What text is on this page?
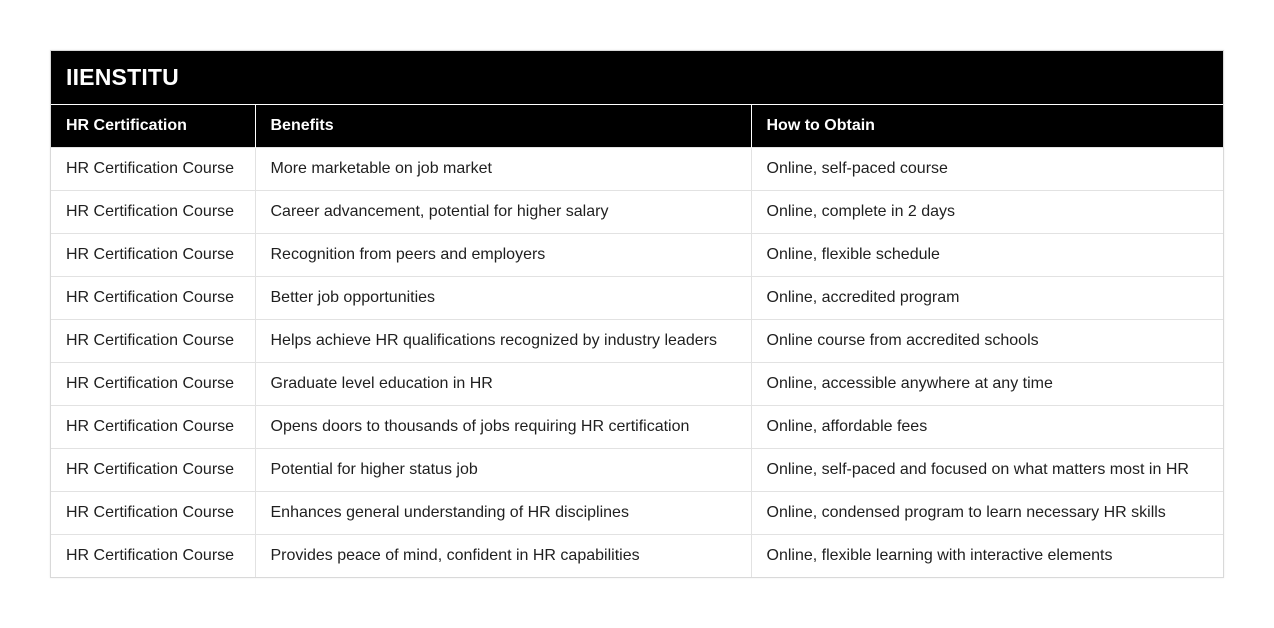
IIENSTITU
HR Certification	Benefits	How to Obtain
HR Certification Course	More marketable on job market	Online, self-paced course
HR Certification Course	Career advancement, potential for higher salary	Online, complete in 2 days
HR Certification Course	Recognition from peers and employers	Online, flexible schedule
HR Certification Course	Better job opportunities	Online, accredited program
HR Certification Course	Helps achieve HR qualifications recognized by industry leaders	Online course from accredited schools
HR Certification Course	Graduate level education in HR	Online, accessible anywhere at any time
HR Certification Course	Opens doors to thousands of jobs requiring HR certification	Online, affordable fees
HR Certification Course	Potential for higher status job	Online, self-paced and focused on what matters most in HR
HR Certification Course	Enhances general understanding of HR disciplines	Online, condensed program to learn necessary HR skills
HR Certification Course	Provides peace of mind, confident in HR capabilities	Online, flexible learning with interactive elements
